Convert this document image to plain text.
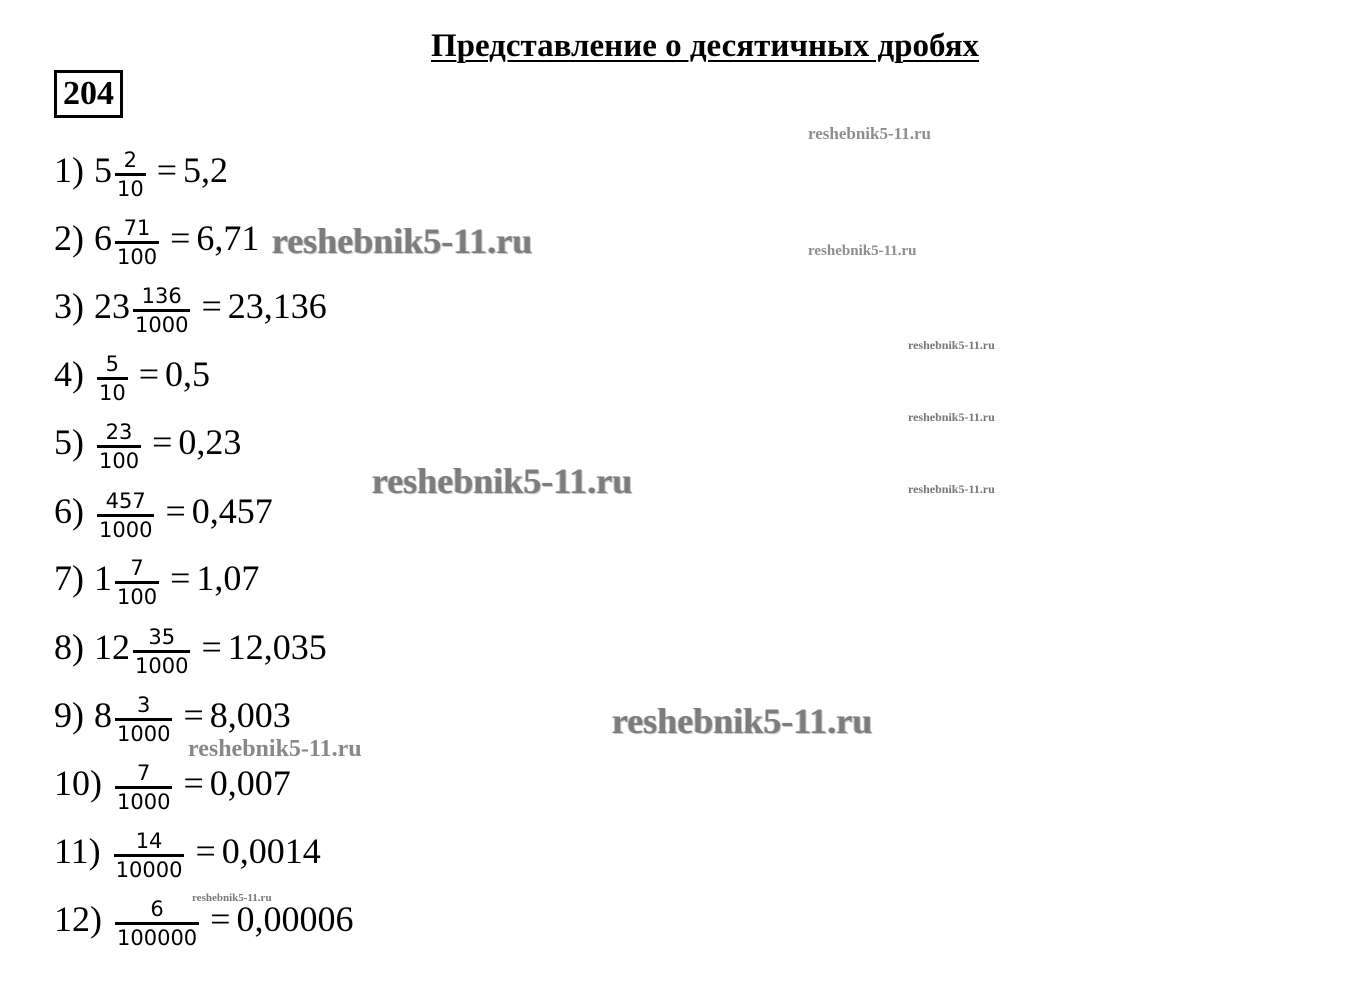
Представление о десятичных дробях
204
reshebnik5-11.ru
reshebnik5-11.ru	reshebnik5-11.ru
reshebnik5-11.ru
reshebnik5-11.ru
reshebnik5-11.ru	reshebnik5-11.ru
reshebnik5-11.ru
reshebnik5-11.ru
reshebnik5-11.ru
1) $5 \frac{2}{10} = 5,2$
2) $6 \frac{71}{100} = 6,71$
3) $23 \frac{136}{1000} = 23,136$
$4) \frac{5}{10} = 0,5$
$5) \frac{23}{100} = 0,23$
$6) \frac{457}{1000} = 0,457$
7) $1 \frac{7}{100} = 1,07$
8) $12 \frac{35}{1000} = 12,035$
9) $8 \frac{3}{1000} = 8,003$
$10) \frac{7}{1000} = 0,007$
$11) \frac{14}{10000} = 0,0014$
$12) \frac{6}{100000} = 0,00006$
